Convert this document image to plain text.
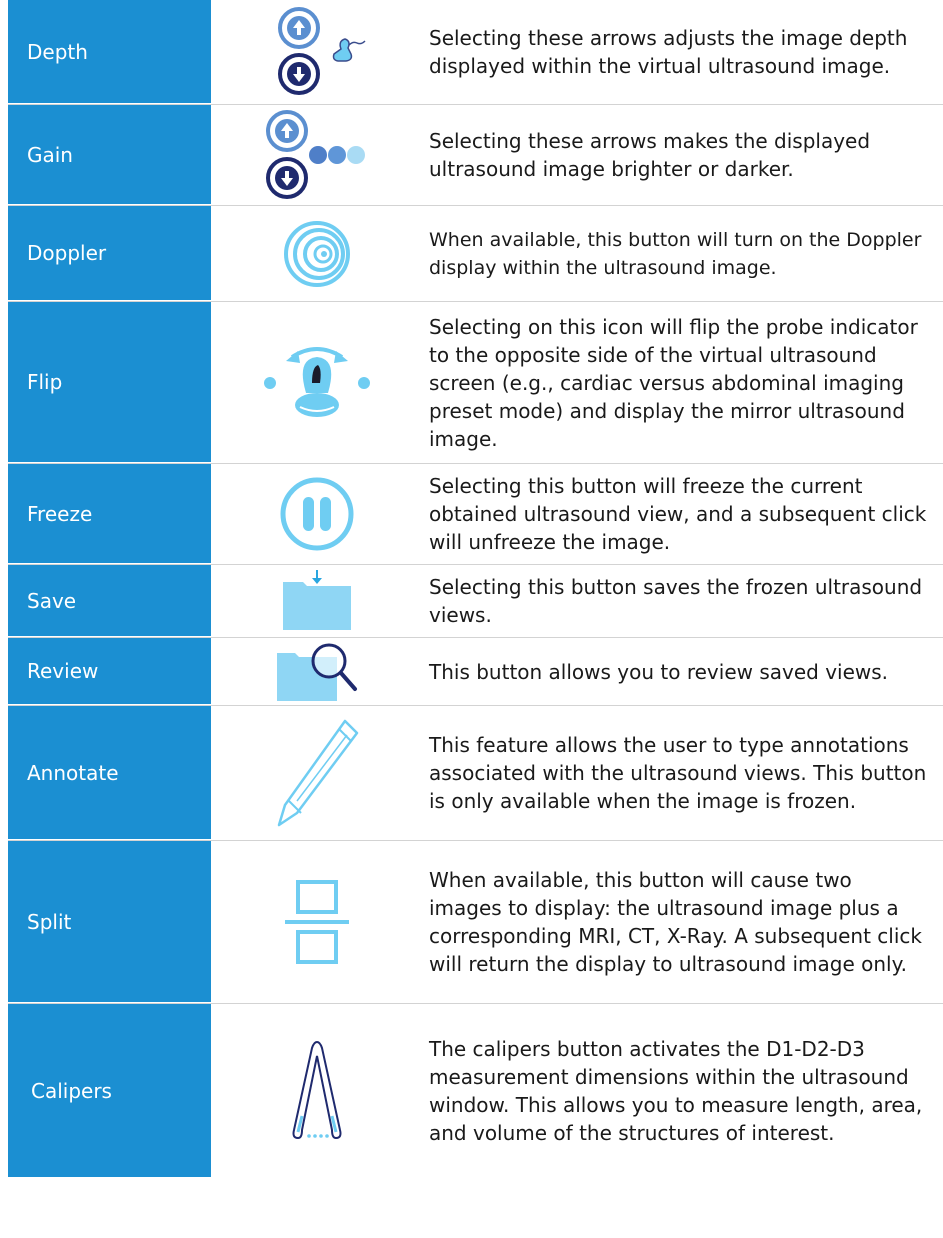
Depth
Selecting these arrows adjusts the image depth displayed within the virtual ultrasound image.
Gain
Selecting these arrows makes the displayed ultrasound image brighter or darker.
Doppler
When available, this button will turn on the Doppler display within the ultrasound image.
Flip
Selecting on this icon will flip the probe indicator to the opposite side of the virtual ultrasound screen (e.g., cardiac versus abdominal imaging preset mode) and display the mirror ultrasound image.
Freeze
Selecting this button will freeze the current obtained ultrasound view, and a subsequent click will unfreeze the image.
Save
Selecting this button saves the frozen ultrasound views.
Review	This button allows you to review saved views.
Annotate
This feature allows the user to type annotations associated with the ultrasound views. This button is only available when the image is frozen.
Split
When available, this button will cause two images to display: the ultrasound image plus a corresponding MRI, CT, X-Ray. A subsequent click will return the display to ultrasound image only.
Calipers
The calipers button activates the D1-D2-D3 measurement dimensions within the ultrasound window. This allows you to measure length, area, and volume of the structures of interest.
